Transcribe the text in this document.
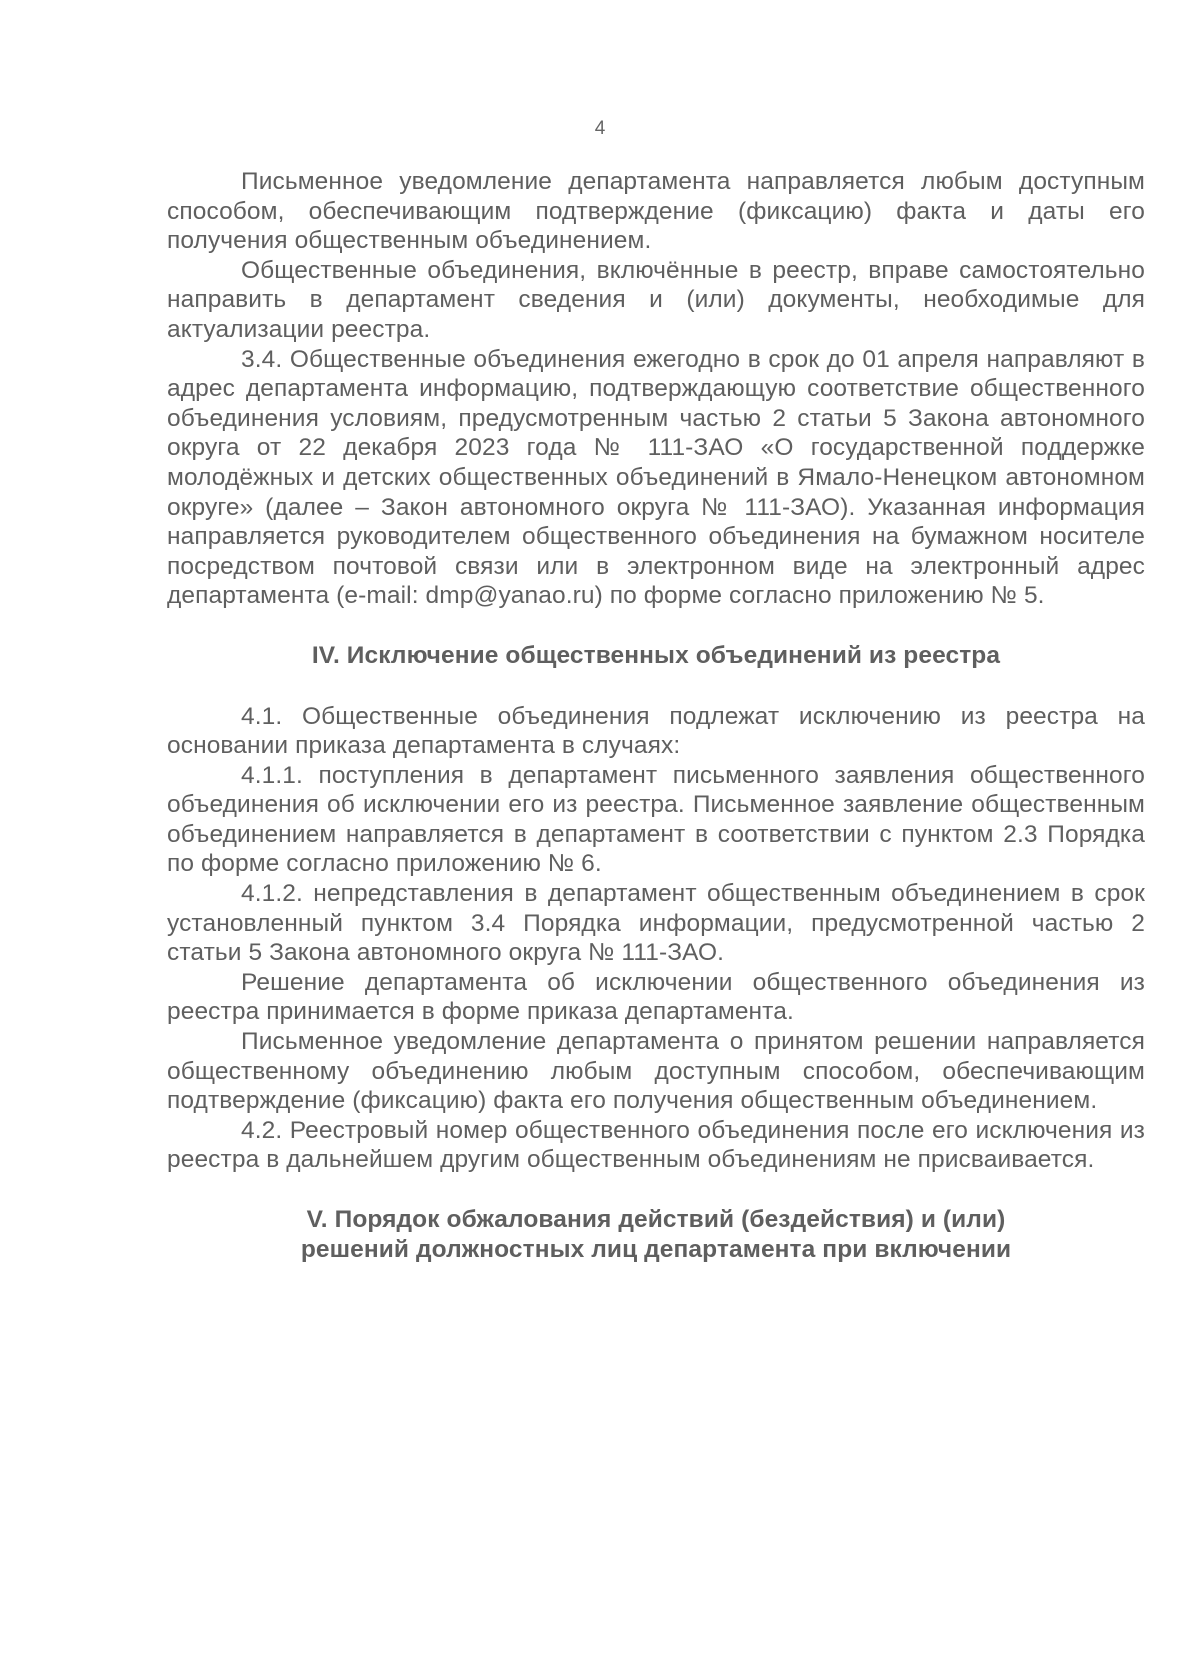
4

Письменное уведомление департамента направляется любым доступным способом, обеспечивающим подтверждение (фиксацию) факта и даты его получения общественным объединением.

Общественные объединения, включённые в реестр, вправе самостоятельно направить в департамент сведения и (или) документы, необходимые для актуализации реестра.

3.4. Общественные объединения ежегодно в срок до 01 апреля направляют в адрес департамента информацию, подтверждающую соответствие общественного объединения условиям, предусмотренным частью 2 статьи 5 Закона автономного округа от 22 декабря 2023 года № 111-ЗАО «О государственной поддержке молодёжных и детских общественных объединений в Ямало-Ненецком автономном округе» (далее – Закон автономного округа № 111-ЗАО). Указанная информация направляется руководителем общественного объединения на бумажном носителе посредством почтовой связи или в электронном виде на электронный адрес департамента (e-mail: dmp@yanao.ru) по форме согласно приложению № 5.

IV. Исключение общественных объединений из реестра

4.1. Общественные объединения подлежат исключению из реестра на основании приказа департамента в случаях:

4.1.1. поступления в департамент письменного заявления общественного объединения об исключении его из реестра. Письменное заявление общественным объединением направляется в департамент в соответствии с пунктом 2.3 Порядка по форме согласно приложению № 6.

4.1.2. непредставления в департамент общественным объединением в срок установленный пунктом 3.4 Порядка информации, предусмотренной частью 2 статьи 5 Закона автономного округа № 111-ЗАО.

Решение департамента об исключении общественного объединения из реестра принимается в форме приказа департамента.

Письменное уведомление департамента о принятом решении направляется общественному объединению любым доступным способом, обеспечивающим подтверждение (фиксацию) факта его получения общественным объединением.

4.2. Реестровый номер общественного объединения после его исключения из реестра в дальнейшем другим общественным объединениям не присваивается.

V. Порядок обжалования действий (бездействия) и (или)
решений должностных лиц департамента при включении
